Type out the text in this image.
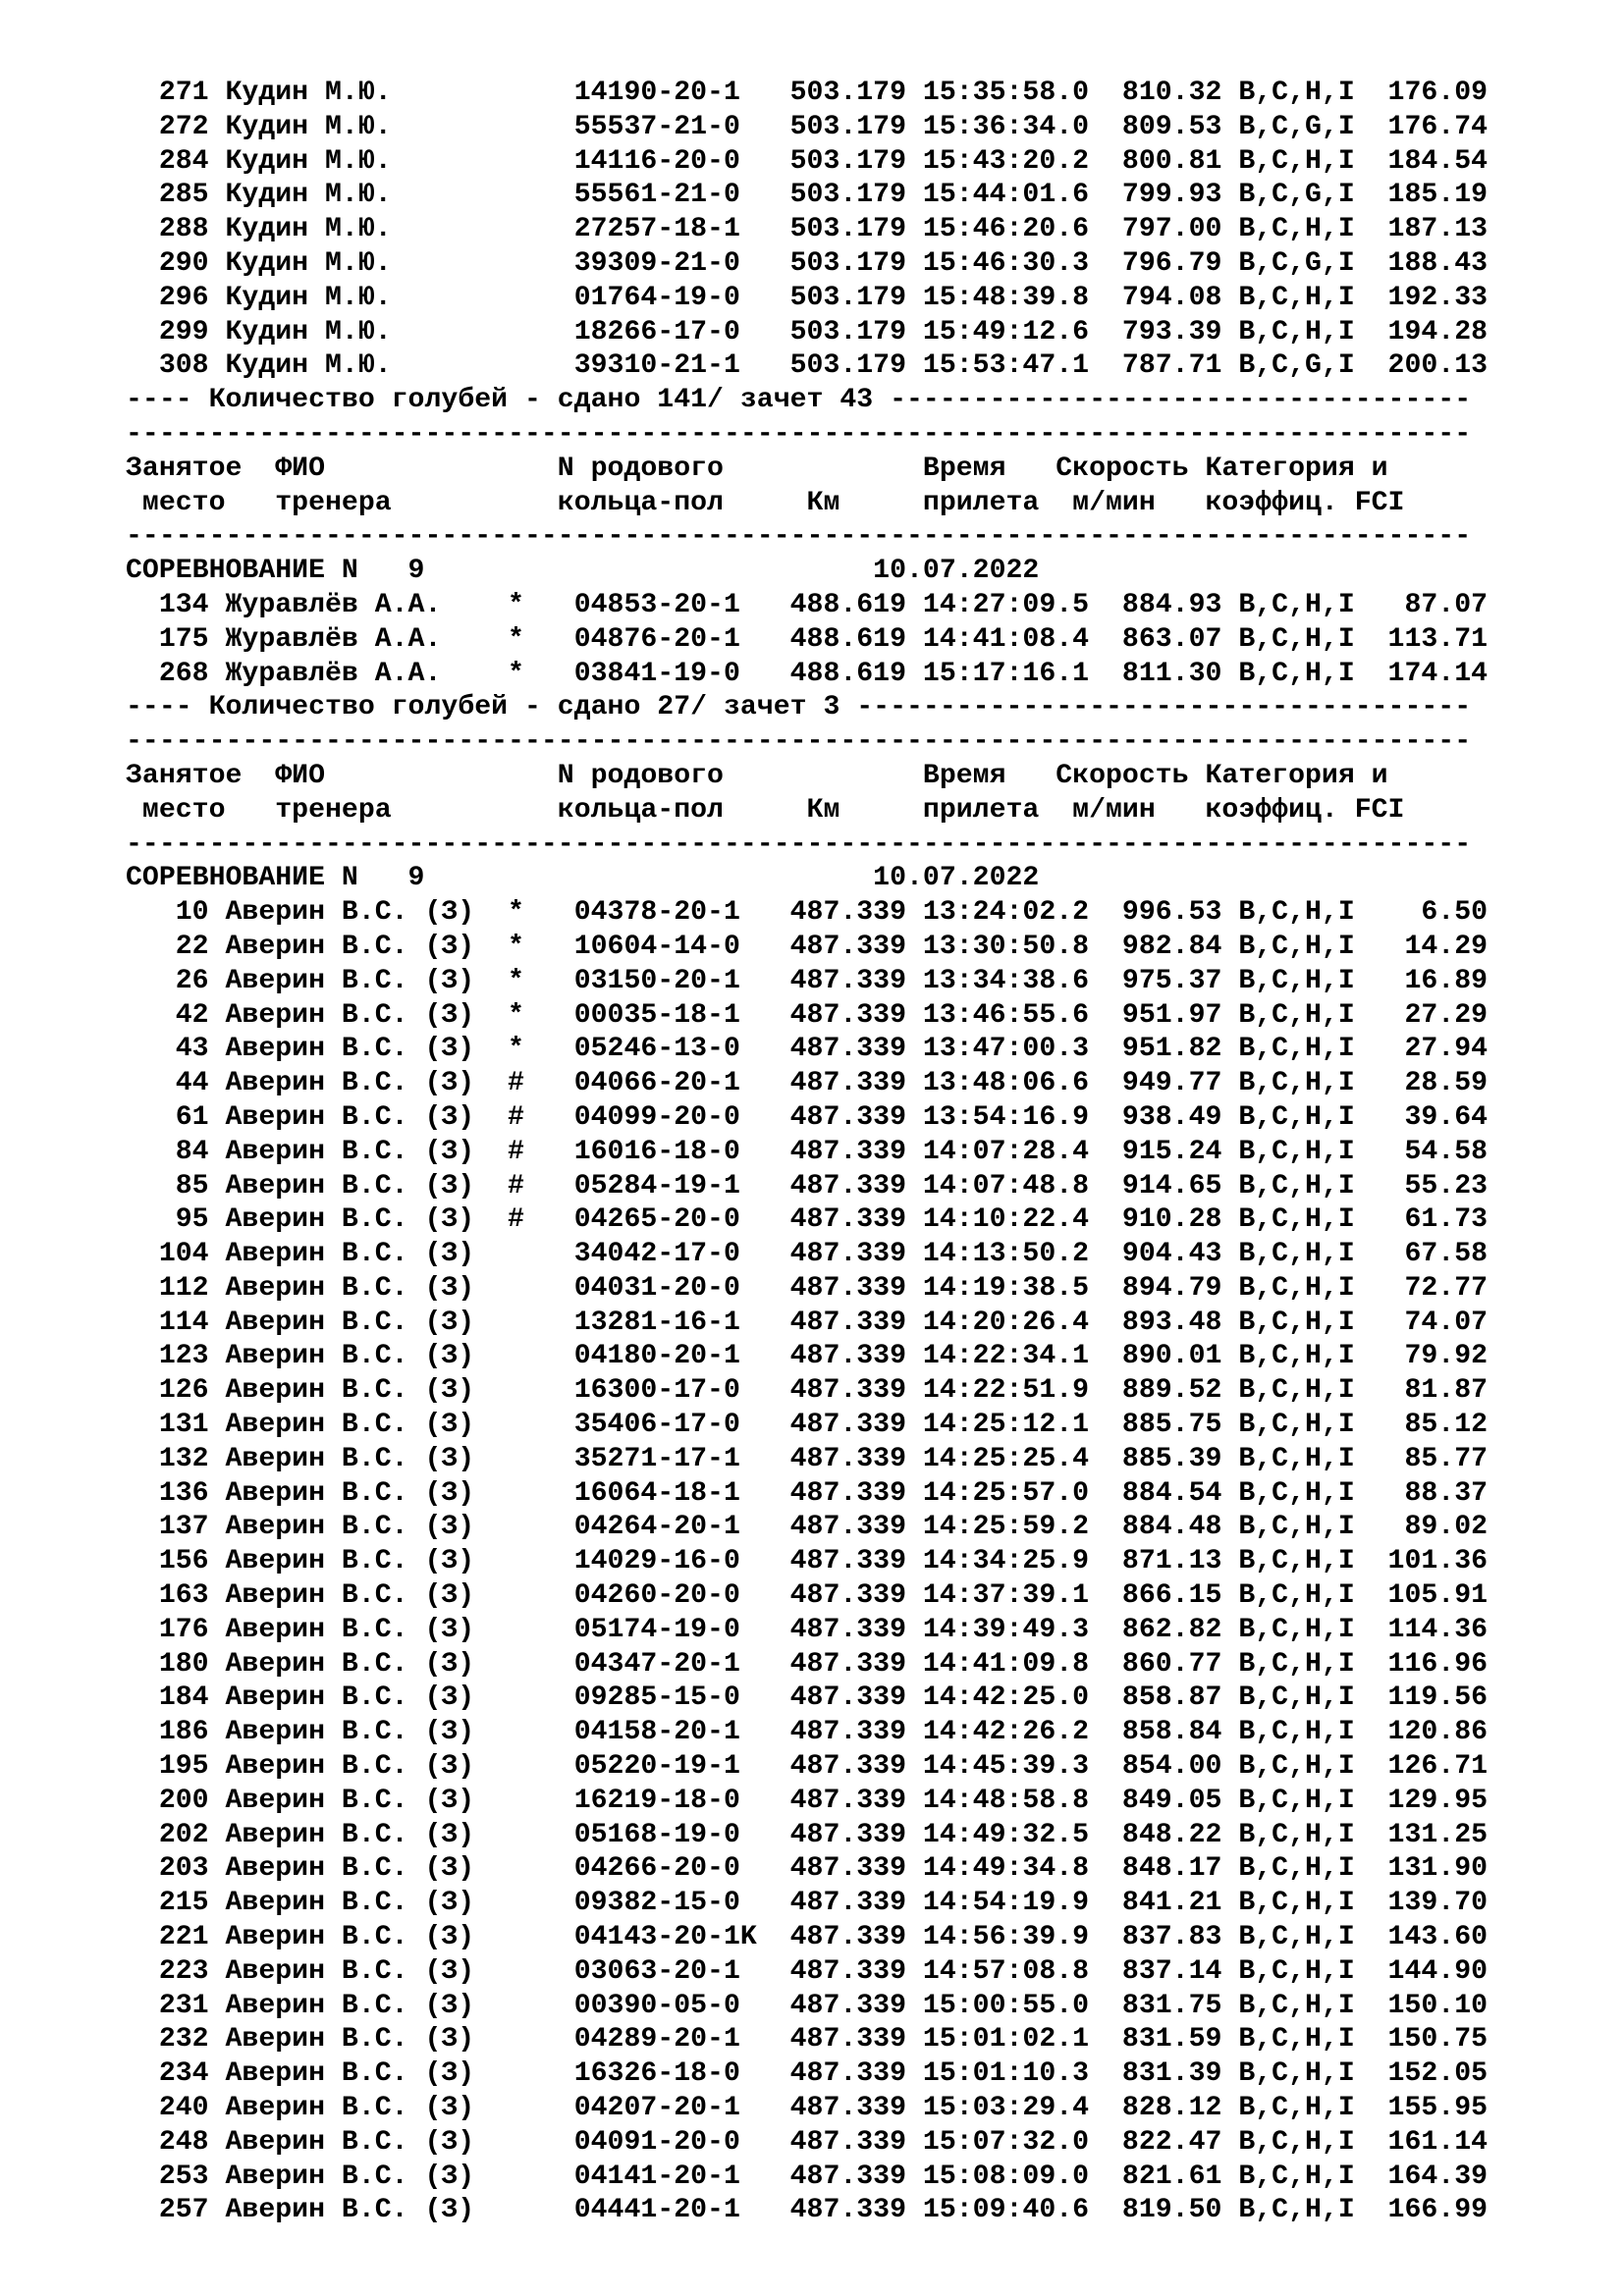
271 Кудин М.Ю.           14190-20-1   503.179 15:35:58.0  810.32 B,C,H,I  176.09
272 Кудин М.Ю.           55537-21-0   503.179 15:36:34.0  809.53 B,C,G,I  176.74
284 Кудин М.Ю.           14116-20-0   503.179 15:43:20.2  800.81 B,C,H,I  184.54
285 Кудин М.Ю.           55561-21-0   503.179 15:44:01.6  799.93 B,C,G,I  185.19
288 Кудин М.Ю.           27257-18-1   503.179 15:46:20.6  797.00 B,C,H,I  187.13
290 Кудин М.Ю.           39309-21-0   503.179 15:46:30.3  796.79 B,C,G,I  188.43
296 Кудин М.Ю.           01764-19-0   503.179 15:48:39.8  794.08 B,C,H,I  192.33
299 Кудин М.Ю.           18266-17-0   503.179 15:49:12.6  793.39 B,C,H,I  194.28
308 Кудин М.Ю.           39310-21-1   503.179 15:53:47.1  787.71 B,C,G,I  200.13
---- Количество голубей - сдано 141/ зачет 43 -----------------------------------
---------------------------------------------------------------------------------
Занятое  ФИО              N родового            Время   Скорость Категория и
место   тренера          кольца-пол     Км     прилета  м/мин   коэффиц. FCI
---------------------------------------------------------------------------------
СОРЕВНОВАНИЕ N   9                           10.07.2022
134 Журавлёв А.А.    *   04853-20-1   488.619 14:27:09.5  884.93 B,C,H,I   87.07
175 Журавлёв А.А.    *   04876-20-1   488.619 14:41:08.4  863.07 B,C,H,I  113.71
268 Журавлёв А.А.    *   03841-19-0   488.619 15:17:16.1  811.30 B,C,H,I  174.14
---- Количество голубей - сдано 27/ зачет 3 -------------------------------------
---------------------------------------------------------------------------------
Занятое  ФИО              N родового            Время   Скорость Категория и
место   тренера          кольца-пол     Км     прилета  м/мин   коэффиц. FCI
---------------------------------------------------------------------------------
СОРЕВНОВАНИЕ N   9                           10.07.2022
10 Аверин В.С. (З)  *   04378-20-1   487.339 13:24:02.2  996.53 B,C,H,I    6.50
22 Аверин В.С. (З)  *   10604-14-0   487.339 13:30:50.8  982.84 B,C,H,I   14.29
26 Аверин В.С. (З)  *   03150-20-1   487.339 13:34:38.6  975.37 B,C,H,I   16.89
42 Аверин В.С. (З)  *   00035-18-1   487.339 13:46:55.6  951.97 B,C,H,I   27.29
43 Аверин В.С. (З)  *   05246-13-0   487.339 13:47:00.3  951.82 B,C,H,I   27.94
44 Аверин В.С. (З)  #   04066-20-1   487.339 13:48:06.6  949.77 B,C,H,I   28.59
61 Аверин В.С. (З)  #   04099-20-0   487.339 13:54:16.9  938.49 B,C,H,I   39.64
84 Аверин В.С. (З)  #   16016-18-0   487.339 14:07:28.4  915.24 B,C,H,I   54.58
85 Аверин В.С. (З)  #   05284-19-1   487.339 14:07:48.8  914.65 B,C,H,I   55.23
95 Аверин В.С. (З)  #   04265-20-0   487.339 14:10:22.4  910.28 B,C,H,I   61.73
104 Аверин В.С. (З)      34042-17-0   487.339 14:13:50.2  904.43 B,C,H,I   67.58
112 Аверин В.С. (З)      04031-20-0   487.339 14:19:38.5  894.79 B,C,H,I   72.77
114 Аверин В.С. (З)      13281-16-1   487.339 14:20:26.4  893.48 B,C,H,I   74.07
123 Аверин В.С. (З)      04180-20-1   487.339 14:22:34.1  890.01 B,C,H,I   79.92
126 Аверин В.С. (З)      16300-17-0   487.339 14:22:51.9  889.52 B,C,H,I   81.87
131 Аверин В.С. (З)      35406-17-0   487.339 14:25:12.1  885.75 B,C,H,I   85.12
132 Аверин В.С. (З)      35271-17-1   487.339 14:25:25.4  885.39 B,C,H,I   85.77
136 Аверин В.С. (З)      16064-18-1   487.339 14:25:57.0  884.54 B,C,H,I   88.37
137 Аверин В.С. (З)      04264-20-1   487.339 14:25:59.2  884.48 B,C,H,I   89.02
156 Аверин В.С. (З)      14029-16-0   487.339 14:34:25.9  871.13 B,C,H,I  101.36
163 Аверин В.С. (З)      04260-20-0   487.339 14:37:39.1  866.15 B,C,H,I  105.91
176 Аверин В.С. (З)      05174-19-0   487.339 14:39:49.3  862.82 B,C,H,I  114.36
180 Аверин В.С. (З)      04347-20-1   487.339 14:41:09.8  860.77 B,C,H,I  116.96
184 Аверин В.С. (З)      09285-15-0   487.339 14:42:25.0  858.87 B,C,H,I  119.56
186 Аверин В.С. (З)      04158-20-1   487.339 14:42:26.2  858.84 B,C,H,I  120.86
195 Аверин В.С. (З)      05220-19-1   487.339 14:45:39.3  854.00 B,C,H,I  126.71
200 Аверин В.С. (З)      16219-18-0   487.339 14:48:58.8  849.05 B,C,H,I  129.95
202 Аверин В.С. (З)      05168-19-0   487.339 14:49:32.5  848.22 B,C,H,I  131.25
203 Аверин В.С. (З)      04266-20-0   487.339 14:49:34.8  848.17 B,C,H,I  131.90
215 Аверин В.С. (З)      09382-15-0   487.339 14:54:19.9  841.21 B,C,H,I  139.70
221 Аверин В.С. (З)      04143-20-1K  487.339 14:56:39.9  837.83 B,C,H,I  143.60
223 Аверин В.С. (З)      03063-20-1   487.339 14:57:08.8  837.14 B,C,H,I  144.90
231 Аверин В.С. (З)      00390-05-0   487.339 15:00:55.0  831.75 B,C,H,I  150.10
232 Аверин В.С. (З)      04289-20-1   487.339 15:01:02.1  831.59 B,C,H,I  150.75
234 Аверин В.С. (З)      16326-18-0   487.339 15:01:10.3  831.39 B,C,H,I  152.05
240 Аверин В.С. (З)      04207-20-1   487.339 15:03:29.4  828.12 B,C,H,I  155.95
248 Аверин В.С. (З)      04091-20-0   487.339 15:07:32.0  822.47 B,C,H,I  161.14
253 Аверин В.С. (З)      04141-20-1   487.339 15:08:09.0  821.61 B,C,H,I  164.39
257 Аверин В.С. (З)      04441-20-1   487.339 15:09:40.6  819.50 B,C,H,I  166.99
